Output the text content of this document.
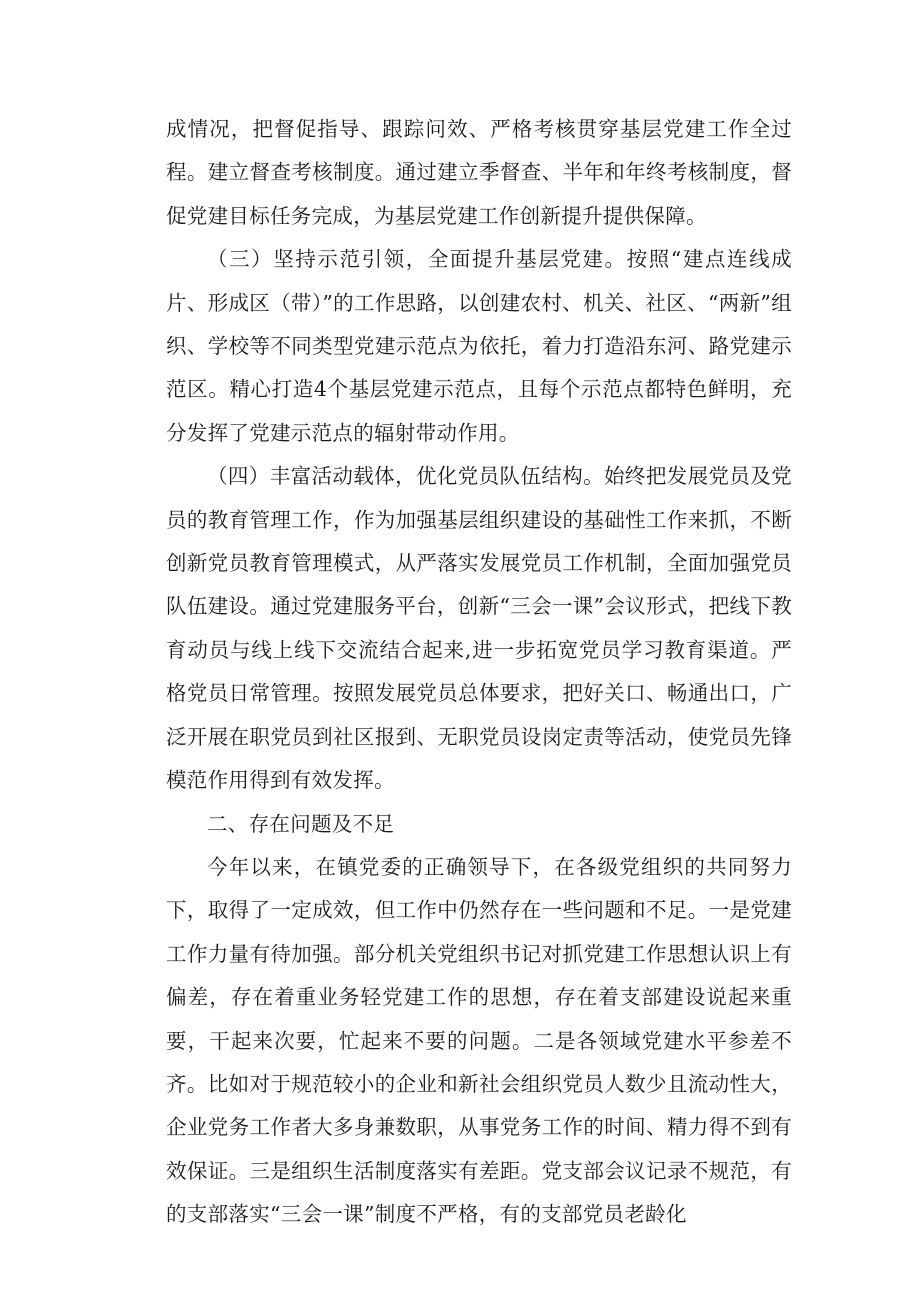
成情况，把督促指导、跟踪问效、严格考核贯穿基层党建工作全过程。建立督查考核制度。通过建立季督查、半年和年终考核制度，督促党建目标任务完成，为基层党建工作创新提升提供保障。

（三）坚持示范引领，全面提升基层党建。按照“建点连线成片、形成区（带）”的工作思路，以创建农村、机关、社区、“两新”组织、学校等不同类型党建示范点为依托，着力打造沿东河、路党建示范区。精心打造4个基层党建示范点，且每个示范点都特色鲜明，充分发挥了党建示范点的辐射带动作用。

（四）丰富活动载体，优化党员队伍结构。始终把发展党员及党员的教育管理工作，作为加强基层组织建设的基础性工作来抓，不断创新党员教育管理模式，从严落实发展党员工作机制，全面加强党员队伍建设。通过党建服务平台，创新“三会一课”会议形式，把线下教育动员与线上线下交流结合起来,进一步拓宽党员学习教育渠道。严格党员日常管理。按照发展党员总体要求，把好关口、畅通出口，广泛开展在职党员到社区报到、无职党员设岗定责等活动，使党员先锋模范作用得到有效发挥。

二、存在问题及不足

今年以来，在镇党委的正确领导下，在各级党组织的共同努力下，取得了一定成效，但工作中仍然存在一些问题和不足。一是党建工作力量有待加强。部分机关党组织书记对抓党建工作思想认识上有偏差，存在着重业务轻党建工作的思想，存在着支部建设说起来重要，干起来次要，忙起来不要的问题。二是各领域党建水平参差不齐。比如对于规范较小的企业和新社会组织党员人数少且流动性大，企业党务工作者大多身兼数职，从事党务工作的时间、精力得不到有效保证。三是组织生活制度落实有差距。党支部会议记录不规范，有的支部落实“三会一课”制度不严格，有的支部党员老龄化
